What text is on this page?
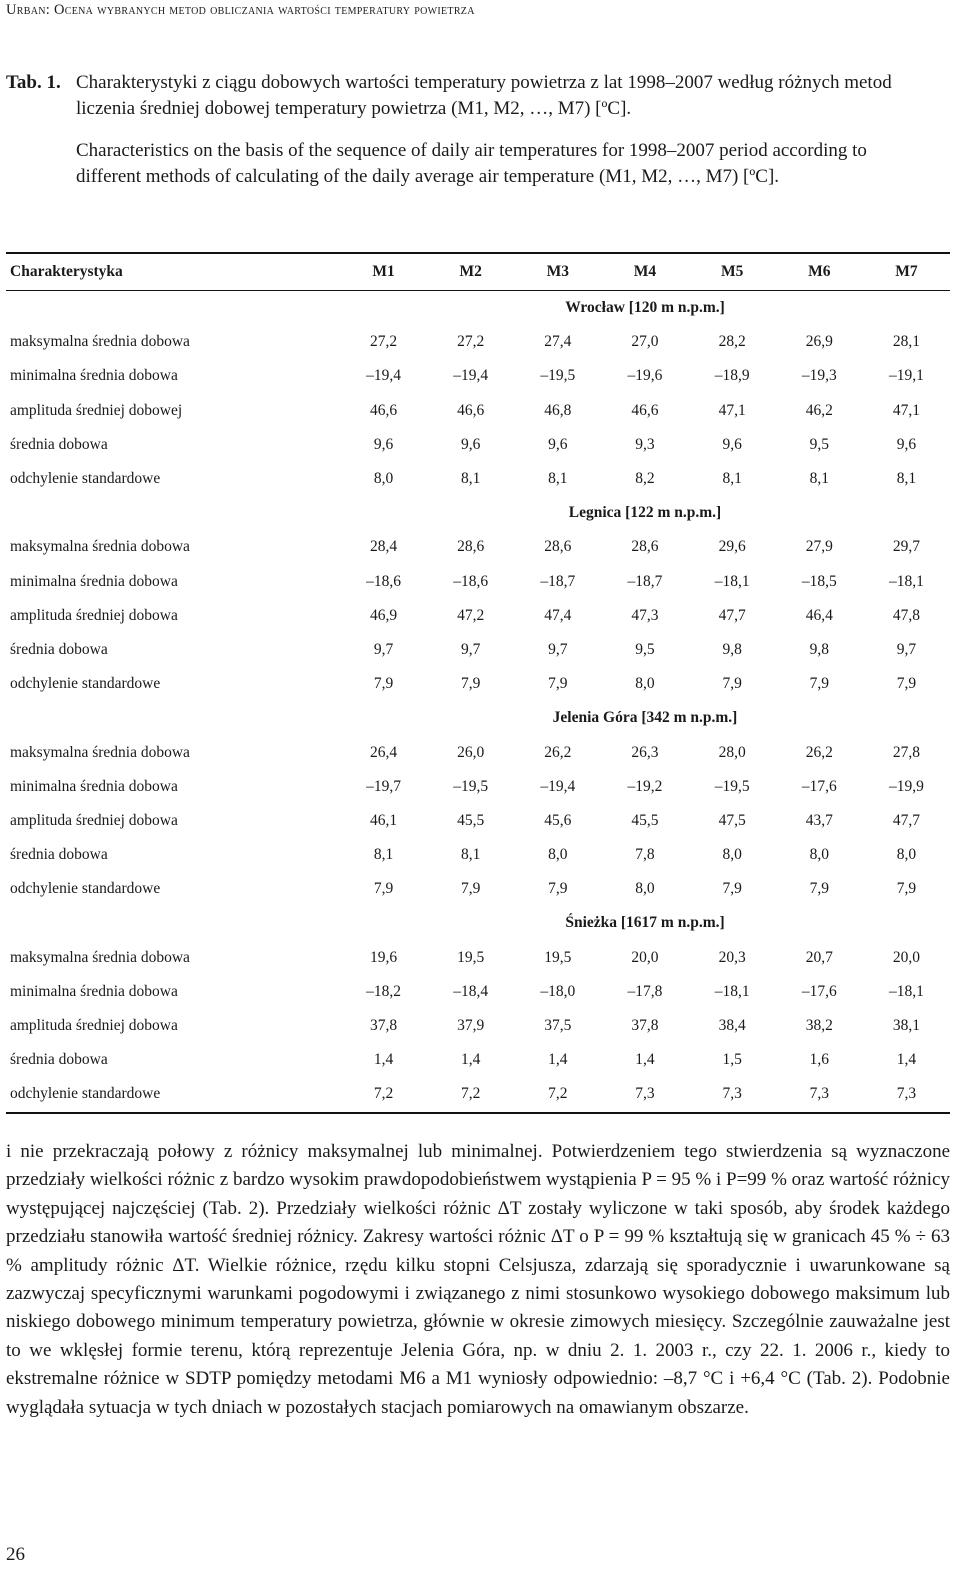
Urban: Ocena wybranych metod obliczania wartości temperatury powietrza
Tab. 1. Charakterystyki z ciągu dobowych wartości temperatury powietrza z lat 1998–2007 według różnych metod liczenia średniej dobowej temperatury powietrza (M1, M2, …, M7) [ºC].
Characteristics on the basis of the sequence of daily air temperatures for 1998–2007 period according to different methods of calculating of the daily average air temperature (M1, M2, …, M7) [ºC].
Charakterystyka	M1	M2	M3	M4	M5	M6	M7
	Wrocław [120 m n.p.m.]						
maksymalna średnia dobowa	27,2	27,2	27,4	27,0	28,2	26,9	28,1
minimalna średnia dobowa	–19,4	–19,4	–19,5	–19,6	–18,9	–19,3	–19,1
amplituda średniej dobowej	46,6	46,6	46,8	46,6	47,1	46,2	47,1
średnia dobowa	9,6	9,6	9,6	9,3	9,6	9,5	9,6
odchylenie standardowe	8,0	8,1	8,1	8,2	8,1	8,1	8,1
	Legnica [122 m n.p.m.]						
maksymalna średnia dobowa	28,4	28,6	28,6	28,6	29,6	27,9	29,7
minimalna średnia dobowa	–18,6	–18,6	–18,7	–18,7	–18,1	–18,5	–18,1
amplituda średniej dobowa	46,9	47,2	47,4	47,3	47,7	46,4	47,8
średnia dobowa	9,7	9,7	9,7	9,5	9,8	9,8	9,7
odchylenie standardowe	7,9	7,9	7,9	8,0	7,9	7,9	7,9
	Jelenia Góra [342 m n.p.m.]						
maksymalna średnia dobowa	26,4	26,0	26,2	26,3	28,0	26,2	27,8
minimalna średnia dobowa	–19,7	–19,5	–19,4	–19,2	–19,5	–17,6	–19,9
amplituda średniej dobowa	46,1	45,5	45,6	45,5	47,5	43,7	47,7
średnia dobowa	8,1	8,1	8,0	7,8	8,0	8,0	8,0
odchylenie standardowe	7,9	7,9	7,9	8,0	7,9	7,9	7,9
	Śnieżka [1617 m n.p.m.]						
maksymalna średnia dobowa	19,6	19,5	19,5	20,0	20,3	20,7	20,0
minimalna średnia dobowa	–18,2	–18,4	–18,0	–17,8	–18,1	–17,6	–18,1
amplituda średniej dobowa	37,8	37,9	37,5	37,8	38,4	38,2	38,1
średnia dobowa	1,4	1,4	1,4	1,4	1,5	1,6	1,4
odchylenie standardowe	7,2	7,2	7,2	7,3	7,3	7,3	7,3
i nie przekraczają połowy z różnicy maksymalnej lub minimalnej. Potwierdzeniem tego stwierdzenia są wyznaczone przedziały wielkości różnic z bardzo wysokim prawdopodobieństwem wystąpienia P = 95 % i P=99 % oraz wartość różnicy występującej najczęściej (Tab. 2). Przedziały wielkości różnic ΔT zostały wyliczone w taki sposób, aby środek każdego przedziału stanowiła wartość średniej różnicy. Zakresy wartości różnic ΔT o P = 99 % kształtują się w granicach 45 % ÷ 63 % amplitudy różnic ΔT. Wielkie różnice, rzędu kilku stopni Celsjusza, zdarzają się sporadycznie i uwarunkowane są zazwyczaj specyficznymi warunkami pogodowymi i związanego z nimi stosunkowo wysokiego dobowego maksimum lub niskiego dobowego minimum temperatury powietrza, głównie w okresie zimowych miesięcy. Szczególnie zauważalne jest to we wklęsłej formie terenu, którą reprezentuje Jelenia Góra, np. w dniu 2. 1. 2003 r., czy 22. 1. 2006 r., kiedy to ekstremalne różnice w SDTP pomiędzy metodami M6 a M1 wyniosły odpowiednio: –8,7 °C i +6,4 °C (Tab. 2). Podobnie wyglądała sytuacja w tych dniach w pozostałych stacjach pomiarowych na omawianym obszarze.
26
